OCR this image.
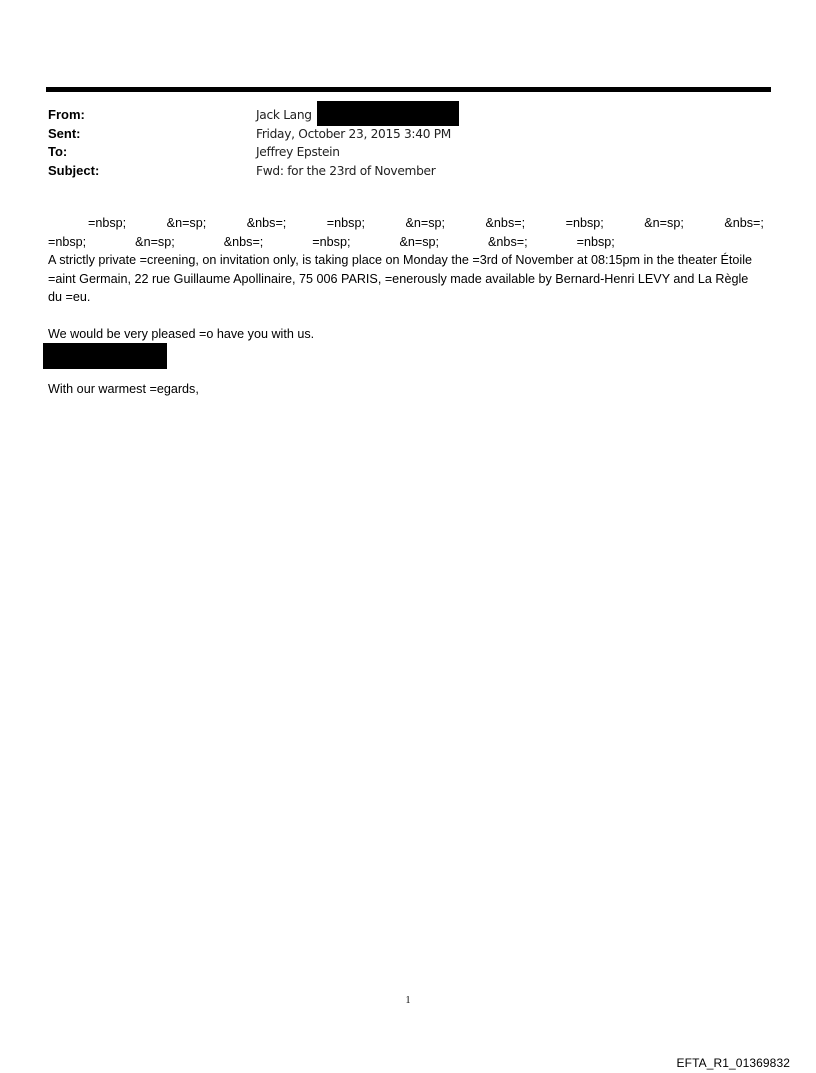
From:	Jack Lang
Sent:	Friday, October 23, 2015 3:40 PM
To:	Jeffrey Epstein
Subject:	Fwd: for the 23rd of November
=nbsp;	&n=sp;	&nbs=;	=nbsp;	&n=sp;	&nbs=;	=nbsp;	&n=sp;	&nbs=;
=nbsp;	&n=sp;	&nbs=;	=nbsp;	&n=sp;	&nbs=;	=nbsp;

A strictly private =creening, on invitation only, is taking place on Monday the =3rd of November at 08:15pm in the theater Étoile =aint Germain, 22 rue Guillaume Apollinaire, 75 006 PARIS, =enerously made available by Bernard-Henri LEVY and La Règle du =eu.

We would be very pleased =o have you with us.

With our warmest =egards,

1
EFTA_R1_01369832
